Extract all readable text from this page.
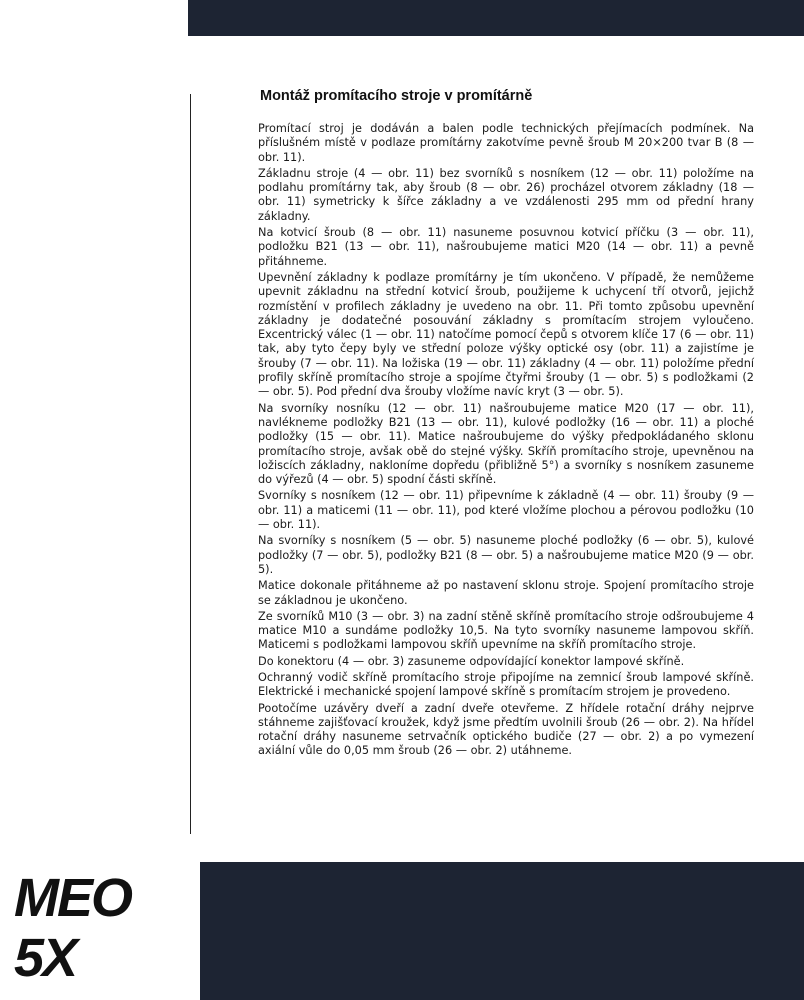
Montáž promítacího stroje v promítárně

Promítací stroj je dodáván a balen podle technických přejímacích podmínek. Na příslušném místě v podlaze promítárny zakotvíme pevně šroub M 20×200 tvar B (8 — obr. 11).

Základnu stroje (4 — obr. 11) bez svorníků s nosníkem (12 — obr. 11) položíme na podlahu promítárny tak, aby šroub (8 — obr. 26) procházel otvorem základny (18 — obr. 11) symetricky k šířce základny a ve vzdálenosti 295 mm od přední hrany základny.

Na kotvicí šroub (8 — obr. 11) nasuneme posuvnou kotvicí příčku (3 — obr. 11), podložku B21 (13 — obr. 11), našroubujeme matici M20 (14 — obr. 11) a pevně přitáhneme.

Upevnění základny k podlaze promítárny je tím ukončeno. V případě, že nemůžeme upevnit základnu na střední kotvicí šroub, použijeme k uchycení tří otvorů, jejichž rozmístění v profilech základny je uvedeno na obr. 11. Při tomto způsobu upevnění základny je dodatečné posouvání základny s promítacím strojem vyloučeno. Excentrický válec (1 — obr. 11) natočíme pomocí čepů s otvorem klíče 17 (6 — obr. 11) tak, aby tyto čepy byly ve střední poloze výšky optické osy (obr. 11) a zajistíme je šrouby (7 — obr. 11). Na ložiska (19 — obr. 11) základny (4 — obr. 11) položíme přední profily skříně promítacího stroje a spojíme čtyřmi šrouby (1 — obr. 5) s podložkami (2 — obr. 5). Pod přední dva šrouby vložíme navíc kryt (3 — obr. 5).

Na svorníky nosníku (12 — obr. 11) našroubujeme matice M20 (17 — obr. 11), navlékneme podložky B21 (13 — obr. 11), kulové podložky (16 — obr. 11) a ploché podložky (15 — obr. 11). Matice našroubujeme do výšky předpokládaného sklonu promítacího stroje, avšak obě do stejné výšky. Skříň promítacího stroje, upevněnou na ložiscích základny, nakloníme dopředu (přibližně 5°) a svorníky s nosníkem zasuneme do výřezů (4 — obr. 5) spodní části skříně.

Svorníky s nosníkem (12 — obr. 11) připevníme k základně (4 — obr. 11) šrouby (9 — obr. 11) a maticemi (11 — obr. 11), pod které vložíme plochou a pérovou podložku (10 — obr. 11).

Na svorníky s nosníkem (5 — obr. 5) nasuneme ploché podložky (6 — obr. 5), kulové podložky (7 — obr. 5), podložky B21 (8 — obr. 5) a našroubujeme matice M20 (9 — obr. 5).

Matice dokonale přitáhneme až po nastavení sklonu stroje. Spojení promítacího stroje se základnou je ukončeno.

Ze svorníků M10 (3 — obr. 3) na zadní stěně skříně promítacího stroje odšroubujeme 4 matice M10 a sundáme podložky 10,5. Na tyto svorníky nasuneme lampovou skříň. Maticemi s podložkami lampovou skříň upevníme na skříň promítacího stroje.

Do konektoru (4 — obr. 3) zasuneme odpovídající konektor lampové skříně.

Ochranný vodič skříně promítacího stroje připojíme na zemnicí šroub lampové skříně. Elektrické i mechanické spojení lampové skříně s promítacím strojem je provedeno.

Pootočíme uzávěry dveří a zadní dveře otevřeme. Z hřídele rotační dráhy nejprve stáhneme zajišťovací kroužek, když jsme předtím uvolnili šroub (26 — obr. 2). Na hřídel rotační dráhy nasuneme setrvačník optického budiče (27 — obr. 2) a po vymezení axiální vůle do 0,05 mm šroub (26 — obr. 2) utáhneme.

MEO
5X
